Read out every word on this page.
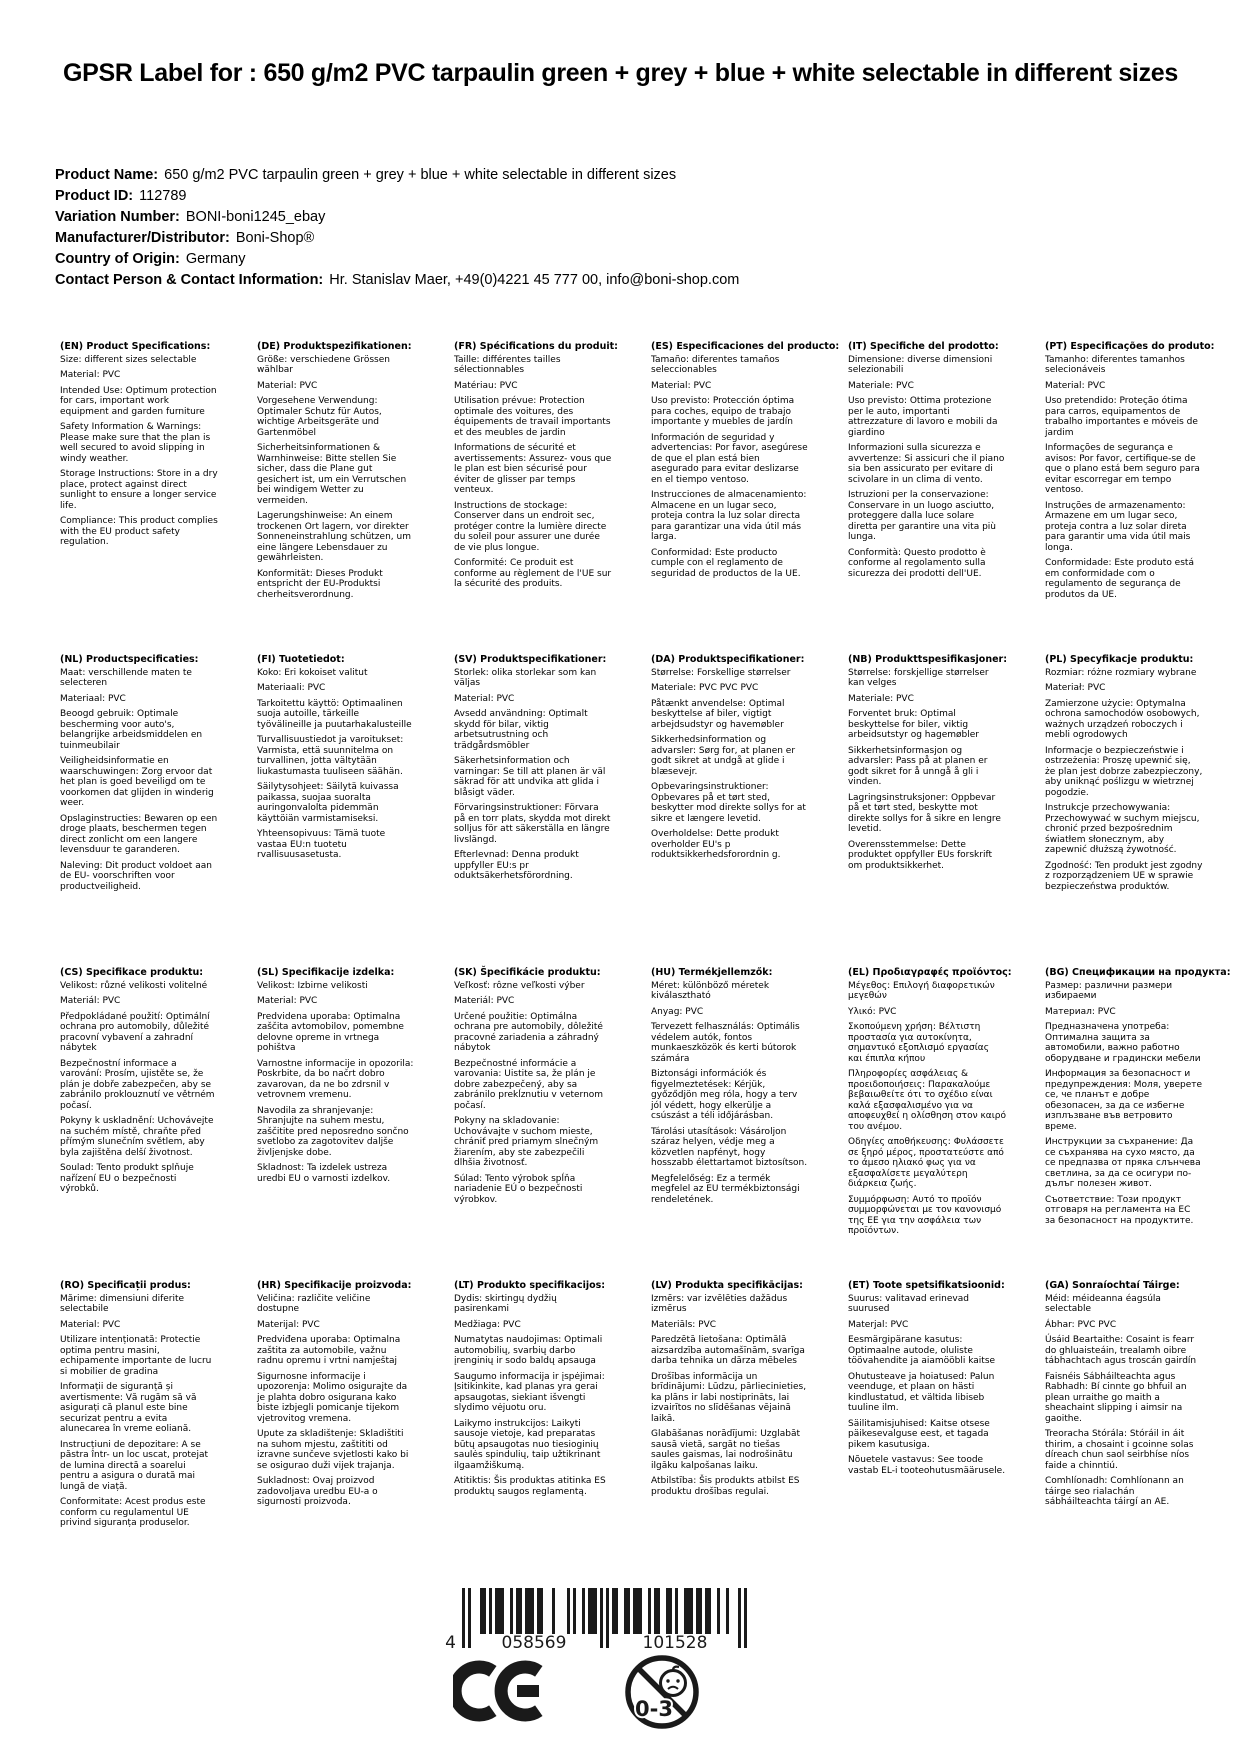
GPSR Label for : 650 g/m2 PVC tarpaulin green + grey + blue + white selectable in different sizes
Product Name: 650 g/m2 PVC tarpaulin green + grey + blue + white selectable in different sizes
Product ID: 112789
Variation Number: BONI-boni1245_ebay
Manufacturer/Distributor: Boni-Shop®
Country of Origin: Germany
Contact Person & Contact Information: Hr. Stanislav Maer, +49(0)4221 45 777 00, info@boni-shop.com
(EN) Product Specifications:

Size: different sizes selectable

Material: PVC

Intended Use: Optimum protection for cars, important work equipment and garden furniture

Safety Information & Warnings: Please make sure that the plan is well secured to avoid slipping in windy weather.

Storage Instructions: Store in a dry place, protect against direct sunlight to ensure a longer service life.

Compliance: This product complies with the EU product safety regulation.

(DE) Produktspezifikationen:

Größe: verschiedene Grössen wählbar

Material: PVC

Vorgesehene Verwendung: Optimaler Schutz für Autos, wichtige Arbeitsgeräte und Gartenmöbel

Sicherheitsinformationen & Warnhinweise: Bitte stellen Sie sicher, dass die Plane gut gesichert ist, um ein Verrutschen bei windigem Wetter zu vermeiden.

Lagerungshinweise: An einem trockenen Ort lagern, vor direkter Sonneneinstrahlung schützen, um eine längere Lebensdauer zu gewährleisten.

Konformität: Dieses Produkt entspricht der EU-Produktsi cherheitsverordnung.

(FR) Spécifications du produit:

Taille: différentes tailles sélectionnables

Matériau: PVC

Utilisation prévue: Protection optimale des voitures, des équipements de travail importants et des meubles de jardin

Informations de sécurité et avertissements: Assurez- vous que le plan est bien sécurisé pour éviter de glisser par temps venteux.

Instructions de stockage: Conserver dans un endroit sec, protéger contre la lumière directe du soleil pour assurer une durée de vie plus longue.

Conformité: Ce produit est conforme au règlement de l'UE sur la sécurité des produits.

(ES) Especificaciones del producto:

Tamaño: diferentes tamaños seleccionables

Material: PVC

Uso previsto: Protección óptima para coches, equipo de trabajo importante y muebles de jardín

Información de seguridad y advertencias: Por favor, asegúrese de que el plan está bien asegurado para evitar deslizarse en el tiempo ventoso.

Instrucciones de almacenamiento: Almacene en un lugar seco, proteja contra la luz solar directa para garantizar una vida útil más larga.

Conformidad: Este producto cumple con el reglamento de seguridad de productos de la UE.

(IT) Specifiche del prodotto:

Dimensione: diverse dimensioni selezionabili

Materiale: PVC

Uso previsto: Ottima protezione per le auto, importanti attrezzature di lavoro e mobili da giardino

Informazioni sulla sicurezza e avvertenze: Si assicuri che il piano sia ben assicurato per evitare di scivolare in un clima di vento.

Istruzioni per la conservazione: Conservare in un luogo asciutto, proteggere dalla luce solare diretta per garantire una vita più lunga.

Conformità: Questo prodotto è conforme al regolamento sulla sicurezza dei prodotti dell'UE.

(PT) Especificações do produto:

Tamanho: diferentes tamanhos selecionáveis

Material: PVC

Uso pretendido: Proteção ótima para carros, equipamentos de trabalho importantes e móveis de jardim

Informações de segurança e avisos: Por favor, certifique-se de que o plano está bem seguro para evitar escorregar em tempo ventoso.

Instruções de armazenamento: Armazene em um lugar seco, proteja contra a luz solar direta para garantir uma vida útil mais longa.

Conformidade: Este produto está em conformidade com o regulamento de segurança de produtos da UE.

(NL) Productspecificaties:

Maat: verschillende maten te selecteren

Materiaal: PVC

Beoogd gebruik: Optimale bescherming voor auto's, belangrijke arbeidsmiddelen en tuinmeubilair

Veiligheidsinformatie en waarschuwingen: Zorg ervoor dat het plan is goed beveiligd om te voorkomen dat glijden in winderig weer.

Opslaginstructies: Bewaren op een droge plaats, beschermen tegen direct zonlicht om een langere levensduur te garanderen.

Naleving: Dit product voldoet aan de EU- voorschriften voor productveiligheid.

(FI) Tuotetiedot:

Koko: Eri kokoiset valitut

Materiaali: PVC

Tarkoitettu käyttö: Optimaalinen suoja autoille, tärkeille työvälineille ja puutarhakalusteille

Turvallisuustiedot ja varoitukset: Varmista, että suunnitelma on turvallinen, jotta vältytään liukastumasta tuuliseen säähän.

Säilytysohjeet: Säilytä kuivassa paikassa, suojaa suoralta auringonvalolta pidemmän käyttöiän varmistamiseksi.

Yhteensopivuus: Tämä tuote vastaa EU:n tuotetu rvallisuusasetusta.

(SV) Produktspecifikationer:

Storlek: olika storlekar som kan väljas

Material: PVC

Avsedd användning: Optimalt skydd för bilar, viktig arbetsutrustning och trädgårdsmöbler

Säkerhetsinformation och varningar: Se till att planen är väl säkrad för att undvika att glida i blåsigt väder.

Förvaringsinstruktioner: Förvara på en torr plats, skydda mot direkt solljus för att säkerställa en längre livslängd.

Efterlevnad: Denna produkt uppfyller EU:s pr oduktsäkerhetsförordning.

(DA) Produktspecifikationer:

Størrelse: Forskellige størrelser

Materiale: PVC PVC PVC

Påtænkt anvendelse: Optimal beskyttelse af biler, vigtigt arbejdsudstyr og havemøbler

Sikkerhedsinformation og advarsler: Sørg for, at planen er godt sikret at undgå at glide i blæsevejr.

Opbevaringsinstruktioner: Opbevares på et tørt sted, beskytter mod direkte sollys for at sikre et længere levetid.

Overholdelse: Dette produkt overholder EU's p roduktsikkerhedsforordnin g.

(NB) Produkttspesifikasjoner:

Størrelse: forskjellige størrelser kan velges

Materiale: PVC

Forventet bruk: Optimal beskyttelse for biler, viktig arbeidsutstyr og hagemøbler

Sikkerhetsinformasjon og advarsler: Pass på at planen er godt sikret for å unngå å gli i vinden.

Lagringsinstruksjoner: Oppbevar på et tørt sted, beskytte mot direkte sollys for å sikre en lengre levetid.

Overensstemmelse: Dette produktet oppfyller EUs forskrift om produktsikkerhet.

(PL) Specyfikacje produktu:

Rozmiar: różne rozmiary wybrane

Materiał: PVC

Zamierzone użycie: Optymalna ochrona samochodów osobowych, ważnych urządzeń roboczych i mebli ogrodowych

Informacje o bezpieczeństwie i ostrzeżenia: Proszę upewnić się, że plan jest dobrze zabezpieczony, aby uniknąć poślizgu w wietrznej pogodzie.

Instrukcje przechowywania: Przechowywać w suchym miejscu, chronić przed bezpośrednim światłem słonecznym, aby zapewnić dłuższą żywotność.

Zgodność: Ten produkt jest zgodny z rozporządzeniem UE w sprawie bezpieczeństwa produktów.

(CS) Specifikace produktu:

Velikost: různé velikosti volitelné

Materiál: PVC

Předpokládané použití: Optimální ochrana pro automobily, důležité pracovní vybavení a zahradní nábytek

Bezpečnostní informace a varování: Prosím, ujistěte se, že plán je dobře zabezpečen, aby se zabránilo proklouznutí ve větrném počasí.

Pokyny k uskladnění: Uchovávejte na suchém místě, chraňte před přímým slunečním světlem, aby byla zajištěna delší životnost.

Soulad: Tento produkt splňuje nařízení EU o bezpečnosti výrobků.

(SL) Specifikacije izdelka:

Velikost: Izbirne velikosti

Material: PVC

Predvidena uporaba: Optimalna zaščita avtomobilov, pomembne delovne opreme in vrtnega pohištva

Varnostne informacije in opozorila: Poskrbite, da bo načrt dobro zavarovan, da ne bo zdrsnil v vetrovnem vremenu.

Navodila za shranjevanje: Shranjujte na suhem mestu, zaščitite pred neposredno sončno svetlobo za zagotovitev daljše življenjske dobe.

Skladnost: Ta izdelek ustreza uredbi EU o varnosti izdelkov.

(SK) Špecifikácie produktu:

Veľkosť: rôzne veľkosti výber

Materiál: PVC

Určené použitie: Optimálna ochrana pre automobily, dôležité pracovné zariadenia a záhradný nábytok

Bezpečnostné informácie a varovania: Uistite sa, že plán je dobre zabezpečený, aby sa zabránilo prekĺznutiu v veternom počasí.

Pokyny na skladovanie: Uchovávajte v suchom mieste, chrániť pred priamym slnečným žiarením, aby ste zabezpečili dlhšia životnosť.

Súlad: Tento výrobok spĺňa nariadenie EÚ o bezpečnosti výrobkov.

(HU) Termékjellemzők:

Méret: különböző méretek kiválasztható

Anyag: PVC

Tervezett felhasználás: Optimális védelem autók, fontos munkaeszközök és kerti bútorok számára

Biztonsági információk és figyelmeztetések: Kérjük, győződjön meg róla, hogy a terv jól védett, hogy elkerülje a csúszást a téli időjárásban.

Tárolási utasítások: Vásároljon száraz helyen, védje meg a közvetlen napfényt, hogy hosszabb élettartamot biztosítson.

Megfelelőség: Ez a termék megfelel az EU termékbiztonsági rendeletének.

(EL) Προδιαγραφές προϊόντος:

Μέγεθος: Επιλογή διαφορετικών μεγεθών

Υλικό: PVC

Σκοπούμενη χρήση: Βέλτιστη προστασία για αυτοκίνητα, σημαντικό εξοπλισμό εργασίας και έπιπλα κήπου

Πληροφορίες ασφάλειας & προειδοποιήσεις: Παρακαλούμε βεβαιωθείτε ότι το σχέδιο είναι καλά εξασφαλισμένο για να αποφευχθεί η ολίσθηση στον καιρό του ανέμου.

Οδηγίες αποθήκευσης: Φυλάσσετε σε ξηρό μέρος, προστατεύστε από το άμεσο ηλιακό φως για να εξασφαλίσετε μεγαλύτερη διάρκεια ζωής.

Συμμόρφωση: Αυτό το προϊόν συμμορφώνεται με τον κανονισμό της ΕΕ για την ασφάλεια των προϊόντων.

(BG) Спецификации на продукта:

Размер: различни размери избираеми

Материал: PVC

Предназначена употреба: Оптимална защита за автомобили, важно работно оборудване и градински мебели

Информация за безопасност и предупреждения: Моля, уверете се, че планът е добре обезопасен, за да се избегне изплъзване във ветровито време.

Инструкции за съхранение: Да се съхранява на сухо място, да се предпазва от пряка слънчева светлина, за да се осигури по- дълъг полезен живот.

Съответствие: Този продукт отговаря на регламента на ЕС за безопасност на продуктите.

(RO) Specificații produs:

Mărime: dimensiuni diferite selectabile

Material: PVC

Utilizare intenționată: Protectie optima pentru masini, echipamente importante de lucru si mobilier de gradina

Informații de siguranță și avertismente: Vă rugăm să vă asigurați că planul este bine securizat pentru a evita alunecarea în vreme eoliană.

Instrucțiuni de depozitare: A se păstra într- un loc uscat, protejat de lumina directă a soarelui pentru a asigura o durată mai lungă de viață.

Conformitate: Acest produs este conform cu regulamentul UE privind siguranța produselor.

(HR) Specifikacije proizvoda:

Veličina: različite veličine dostupne

Materijal: PVC

Predviđena uporaba: Optimalna zaštita za automobile, važnu radnu opremu i vrtni namještaj

Sigurnosne informacije i upozorenja: Molimo osigurajte da je plahta dobro osigurana kako biste izbjegli pomicanje tijekom vjetrovitog vremena.

Upute za skladištenje: Skladištiti na suhom mjestu, zaštititi od izravne sunčeve svjetlosti kako bi se osigurao duži vijek trajanja.

Sukladnost: Ovaj proizvod zadovoljava uredbu EU-a o sigurnosti proizvoda.

(LT) Produkto specifikacijos:

Dydis: skirtingų dydžių pasirenkami

Medžiaga: PVC

Numatytas naudojimas: Optimali automobilių, svarbių darbo įrenginių ir sodo baldų apsauga

Saugumo informacija ir įspėjimai: Įsitikinkite, kad planas yra gerai apsaugotas, siekiant išvengti slydimo vėjuotu oru.

Laikymo instrukcijos: Laikyti sausoje vietoje, kad preparatas būtų apsaugotas nuo tiesioginių saulės spindulių, taip užtikrinant ilgaamžiškumą.

Atitiktis: Šis produktas atitinka ES produktų saugos reglamentą.

(LV) Produkta specifikācijas:

Izmērs: var izvēlēties dažādus izmērus

Materiāls: PVC

Paredzētā lietošana: Optimālā aizsardzība automašīnām, svarīga darba tehnika un dārza mēbeles

Drošības informācija un brīdinājumi: Lūdzu, pārliecinieties, ka plāns ir labi nostiprināts, lai izvairītos no slīdēšanas vējainā laikā.

Glabāšanas norādījumi: Uzglabāt sausā vietā, sargāt no tiešas saules gaismas, lai nodrošinātu ilgāku kalpošanas laiku.

Atbilstība: Šis produkts atbilst ES produktu drošības regulai.

(ET) Toote spetsifikatsioonid:

Suurus: valitavad erinevad suurused

Materjal: PVC

Eesmärgipärane kasutus: Optimaalne autode, oluliste töövahendite ja aiamööbli kaitse

Ohutusteave ja hoiatused: Palun veenduge, et plaan on hästi kindlustatud, et vältida libiseb tuuline ilm.

Säilitamisjuhised: Kaitse otsese päikesevalguse eest, et tagada pikem kasutusiga.

Nõuetele vastavus: See toode vastab EL-i tooteohutusmäärusele.

(GA) Sonraíochtaí Táirge:

Méid: méideanna éagsúla selectable

Ábhar: PVC PVC

Úsáid Beartaithe: Cosaint is fearr do ghluaisteáin, trealamh oibre tábhachtach agus troscán gairdín

Faisnéis Sábháilteachta agus Rabhadh: Bí cinnte go bhfuil an plean urraithe go maith a sheachaint slipping i aimsir na gaoithe.

Treoracha Stórála: Stóráil in áit thirim, a chosaint i gcoinne solas díreach chun saol seirbhíse níos faide a chinntiú.

Comhlíonadh: Comhlíonann an táirge seo rialachán sábháilteachta táirgí an AE.

4	058569	101528
0-3
